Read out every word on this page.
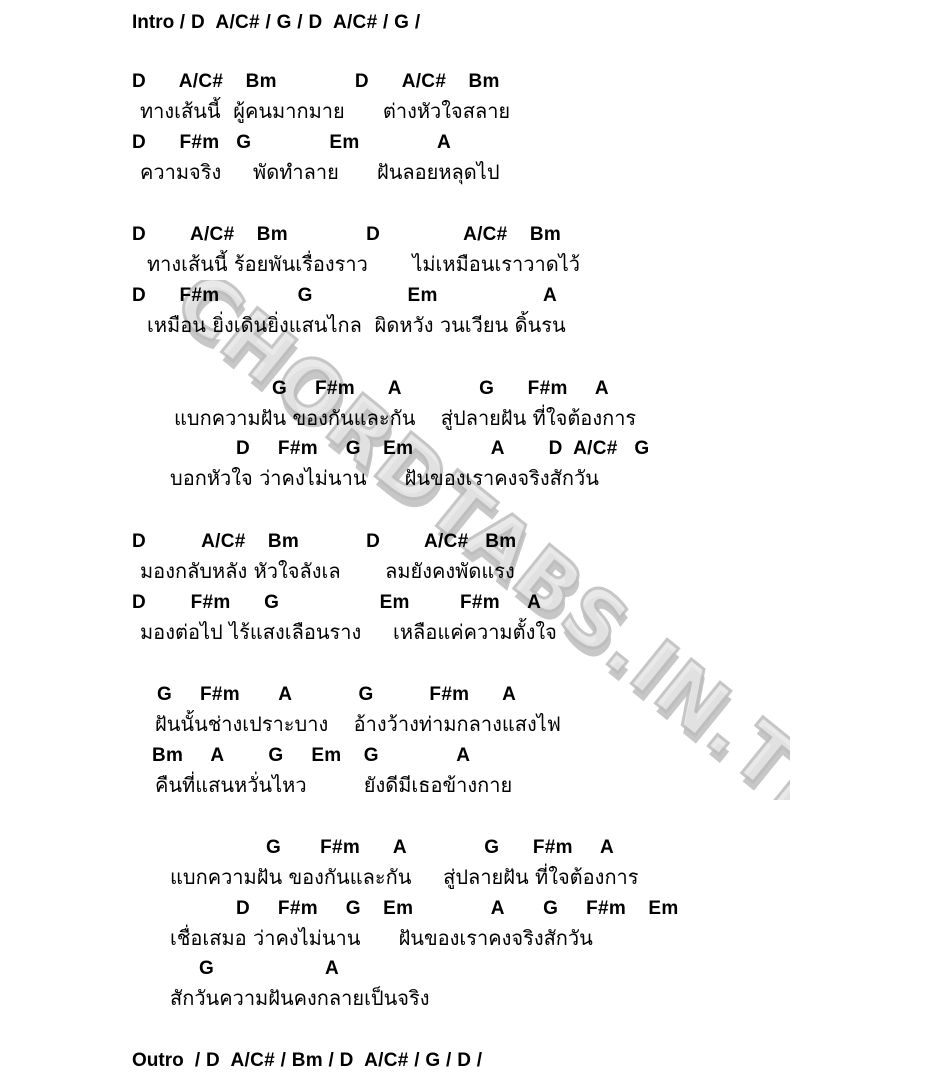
CHORDTABS.IN.TH
CHORDTABS.IN.TH
Intro / D  A/C# / G / D  A/C# / G /
D      A/C#    Bm              D      A/C#    Bm
ทางเส้นนี้  ผู้คนมากมาย      ต่างหัวใจสลาย
D      F#m   G              Em              A
ความจริง     พัดทำลาย      ฝันลอยหลุดไป
D        A/C#    Bm              D               A/C#    Bm
ทางเส้นนี้ ร้อยพันเรื่องราว       ไม่เหมือนเราวาดไว้
D      F#m              G                 Em                   A
เหมือน ยิ่งเดินยิ่งแสนไกล  ผิดหวัง วนเวียน ดิ้นรน
G     F#m      A              G      F#m     A
แบกความฝัน ของกันและกัน    สู่ปลายฝัน ที่ใจต้องการ
D     F#m     G    Em              A        D  A/C#   G
บอกหัวใจ ว่าคงไม่นาน      ฝันของเราคงจริงสักวัน
D          A/C#    Bm            D        A/C#   Bm
มองกลับหลัง หัวใจลังเล       ลมยังคงพัดแรง
D        F#m      G                  Em         F#m     A
มองต่อไป ไร้แสงเลือนราง     เหลือแค่ความตั้งใจ
G     F#m       A            G          F#m      A
ฝันนั้นช่างเปราะบาง    อ้างว้างท่ามกลางแสงไฟ
Bm     A        G     Em    G              A
คืนที่แสนหวั่นไหว         ยังดีมีเธอข้างกาย
G       F#m      A              G      F#m     A
แบกความฝัน ของกันและกัน     สู่ปลายฝัน ที่ใจต้องการ
D     F#m     G    Em              A       G     F#m    Em
เชื่อเสมอ ว่าคงไม่นาน      ฝันของเราคงจริงสักวัน
G                    A
สักวันความฝันคงกลายเป็นจริง
Outro  / D  A/C# / Bm / D  A/C# / G / D /
